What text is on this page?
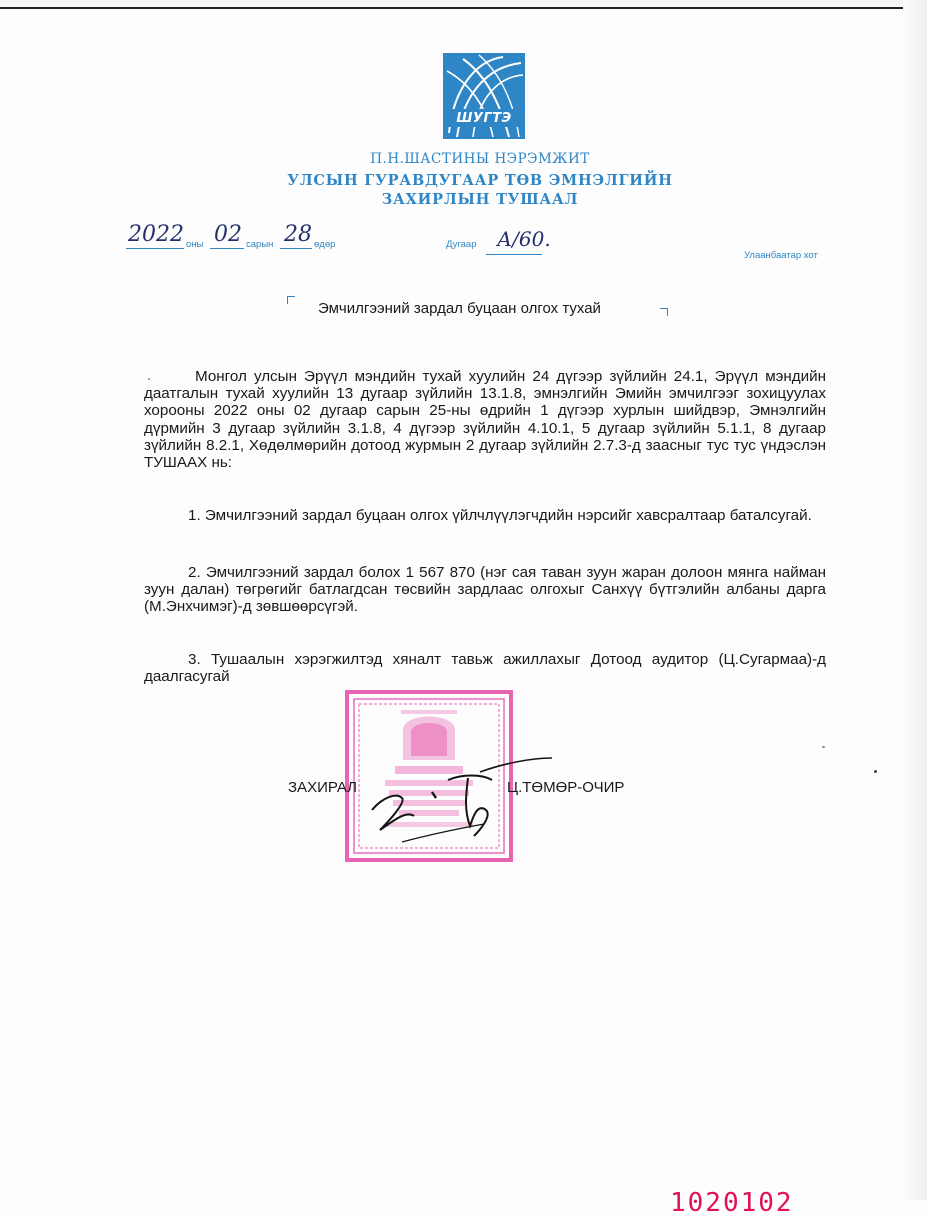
ШУГТЭ
П.Н.ШАСТИНЫ НЭРЭМЖИТ
УЛСЫН ГУРАВДУГААР ТӨВ ЭМНЭЛГИЙН
ЗАХИРЛЫН ТУШААЛ
2022 оны 02 сарын 28 өдөр	Дугаар А/60.
Улаанбаатар хот
Эмчилгээний зардал буцаан олгох тухай
Монгол улсын Эрүүл мэндийн тухай хуулийн 24 дүгээр зүйлийн 24.1, Эрүүл мэндийн даатгалын тухай хуулийн 13 дугаар зүйлийн 13.1.8, эмнэлгийн Эмийн эмчилгээг зохицуулах хорооны 2022 оны 02 дугаар сарын 25-ны өдрийн 1 дүгээр хурлын шийдвэр, Эмнэлгийн дүрмийн 3 дугаар зүйлийн 3.1.8, 4 дүгээр зүйлийн 4.10.1, 5 дугаар зүйлийн 5.1.1, 8 дугаар зүйлийн 8.2.1, Хөдөлмөрийн дотоод журмын 2 дугаар зүйлийн 2.7.3-д заасныг тус тус үндэслэн ТУШААХ нь:
1. Эмчилгээний зардал буцаан олгох үйлчлүүлэгчдийн нэрсийг хавсралтаар баталсугай.
2. Эмчилгээний зардал болох 1 567 870 (нэг сая таван зуун жаран долоон мянга найман зуун далан) төгрөгийг батлагдсан төсвийн зардлаас олгохыг Санхүү бүтгэлийн албаны дарга (М.Энхчимэг)-д зөвшөөрсүгэй.
3. Тушаалын хэрэгжилтэд хяналт тавьж ажиллахыг Дотоод аудитор (Ц.Сугармаа)-д даалгасугай
ЗАХИРАЛ	Ц.ТӨМӨР-ОЧИР
1020102
